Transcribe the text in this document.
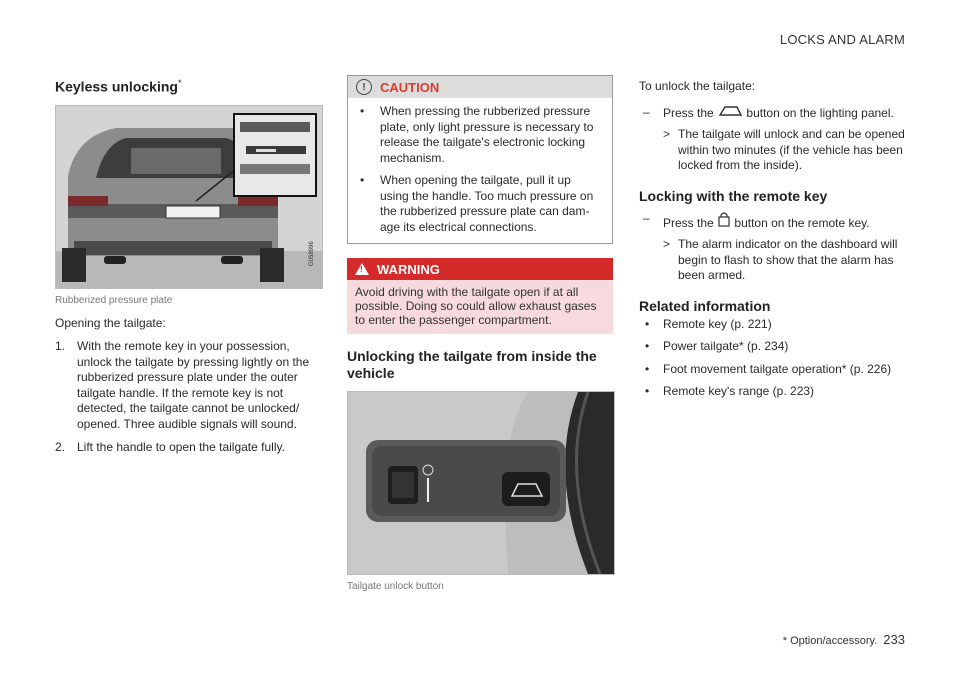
LOCKS AND ALARM
Keyless unlocking*
G058996
Rubberized pressure plate

Opening the tailgate:

1. With the remote key in your possession, unlock the tailgate by pressing lightly on the rubberized pressure plate under the outer tailgate handle. If the remote key is not detected, the tailgate cannot be unlocked/ opened. Three audible signals will sound.
2. Lift the handle to open the tailgate fully.
!	CAUTION
• When pressing the rubberized pressure plate, only light pressure is necessary to release the tailgate's electronic locking mechanism.
• When opening the tailgate, pull it up using the handle. Too much pressure on the rubberized pressure plate can dam- age its electrical connections.
! WARNING
Avoid driving with the tailgate open if at all possible. Doing so could allow exhaust gases to enter the passenger compartment.
Unlocking the tailgate from inside the vehicle
G062140
Tailgate unlock button

To unlock the tailgate:

– Press the	button on the lighting panel.
> The tailgate will unlock and can be opened within two minutes (if the vehicle has been locked from the inside).
Locking with the remote key
– Press the button on the remote key.
> The alarm indicator on the dashboard will begin to flash to show that the alarm has been armed.
Related information
• Remote key (p. 221)
• Power tailgate* (p. 234)
• Foot movement tailgate operation* (p. 226)
• Remote key's range (p. 223)
* Option/accessory. 233
